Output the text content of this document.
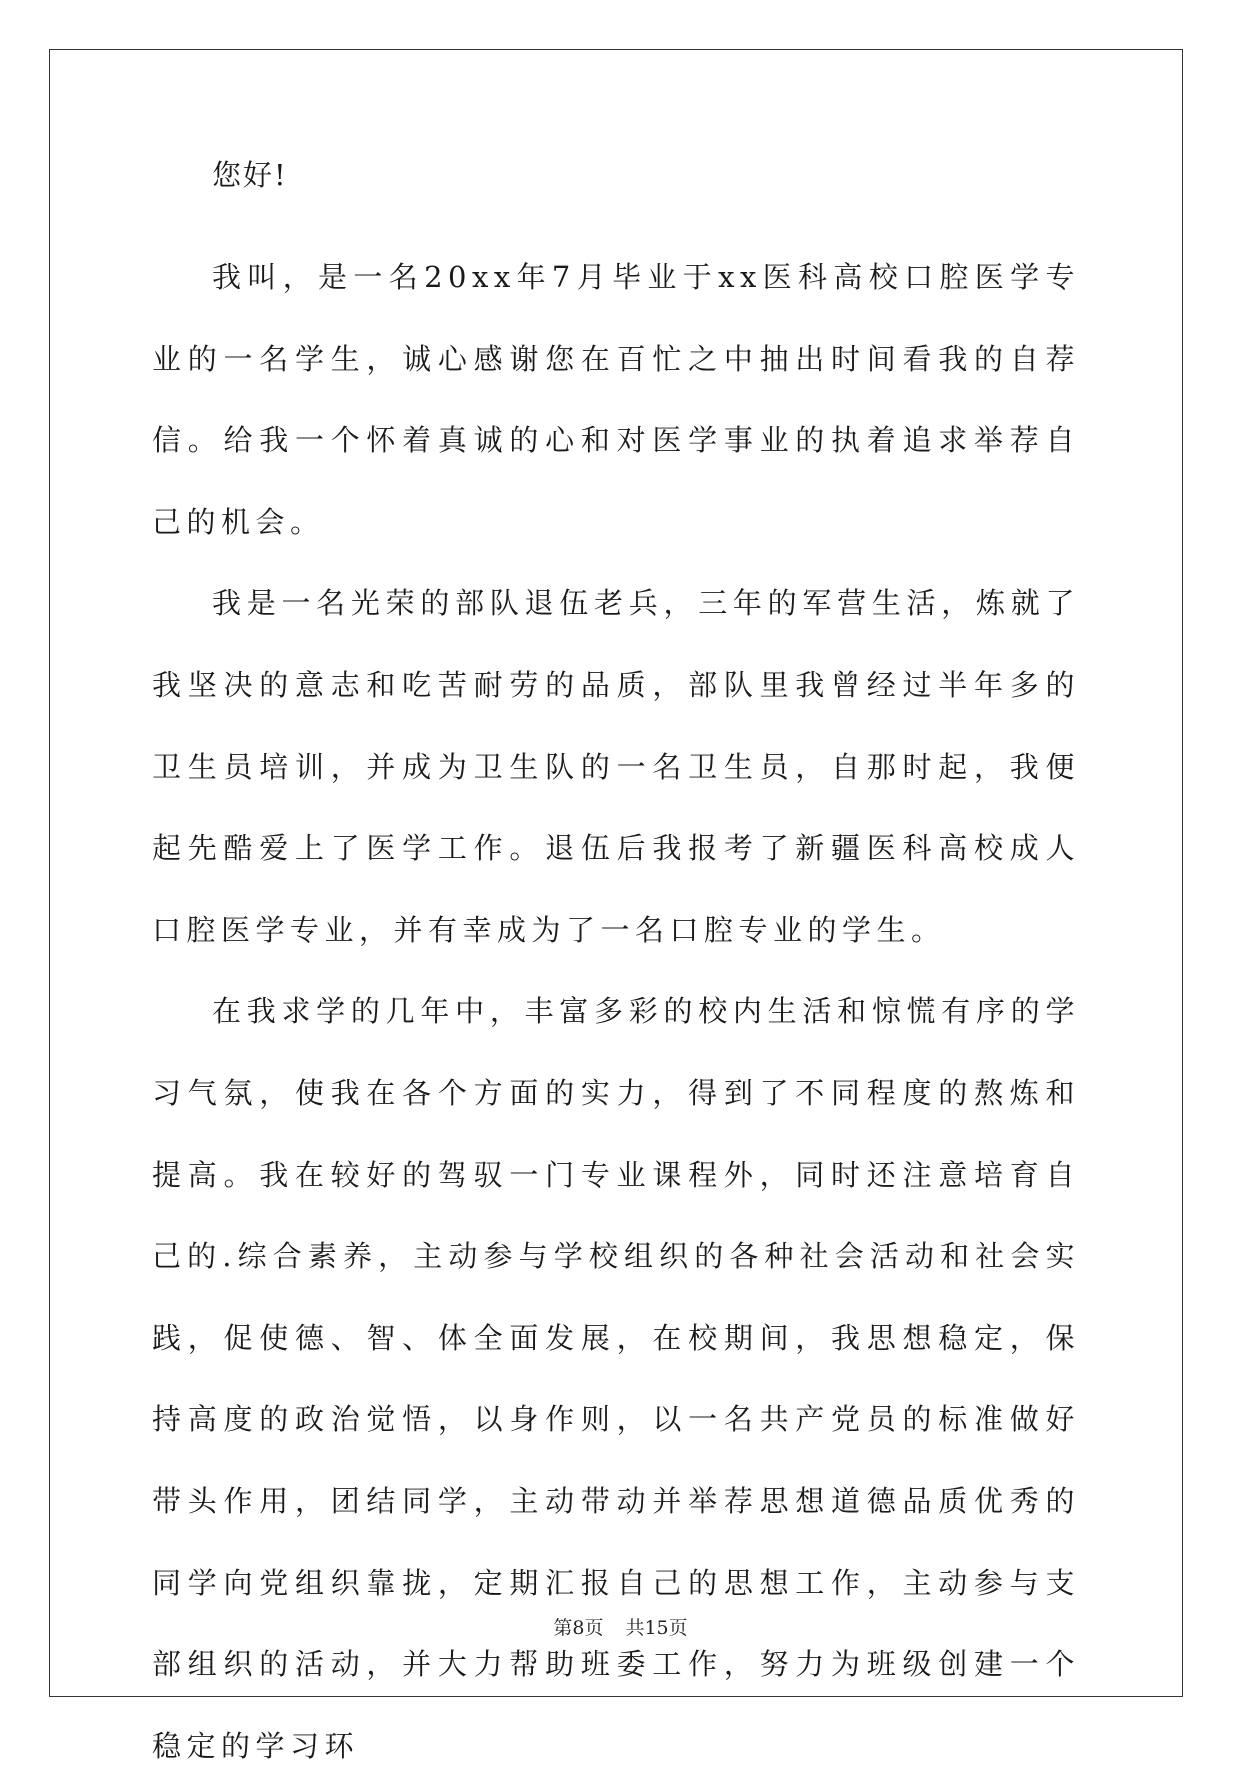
您好!

我叫，是一名20xx年7月毕业于xx医科高校口腔医学专业的一名学生，诚心感谢您在百忙之中抽出时间看我的自荐信。给我一个怀着真诚的心和对医学事业的执着追求举荐自己的机会。

我是一名光荣的部队退伍老兵，三年的军营生活，炼就了我坚决的意志和吃苦耐劳的品质，部队里我曾经过半年多的卫生员培训，并成为卫生队的一名卫生员，自那时起，我便起先酷爱上了医学工作。退伍后我报考了新疆医科高校成人口腔医学专业，并有幸成为了一名口腔专业的学生。

在我求学的几年中，丰富多彩的校内生活和惊慌有序的学习气氛，使我在各个方面的实力，得到了不同程度的熬炼和提高。我在较好的驾驭一门专业课程外，同时还注意培育自己的.综合素养，主动参与学校组织的各种社会活动和社会实践，促使德、智、体全面发展，在校期间，我思想稳定，保持高度的政治觉悟，以身作则，以一名共产党员的标准做好带头作用，团结同学，主动带动并举荐思想道德品质优秀的同学向党组织靠拢，定期汇报自己的思想工作，主动参与支部组织的活动，并大力帮助班委工作，努力为班级创建一个稳定的学习环

第8页 共15页
